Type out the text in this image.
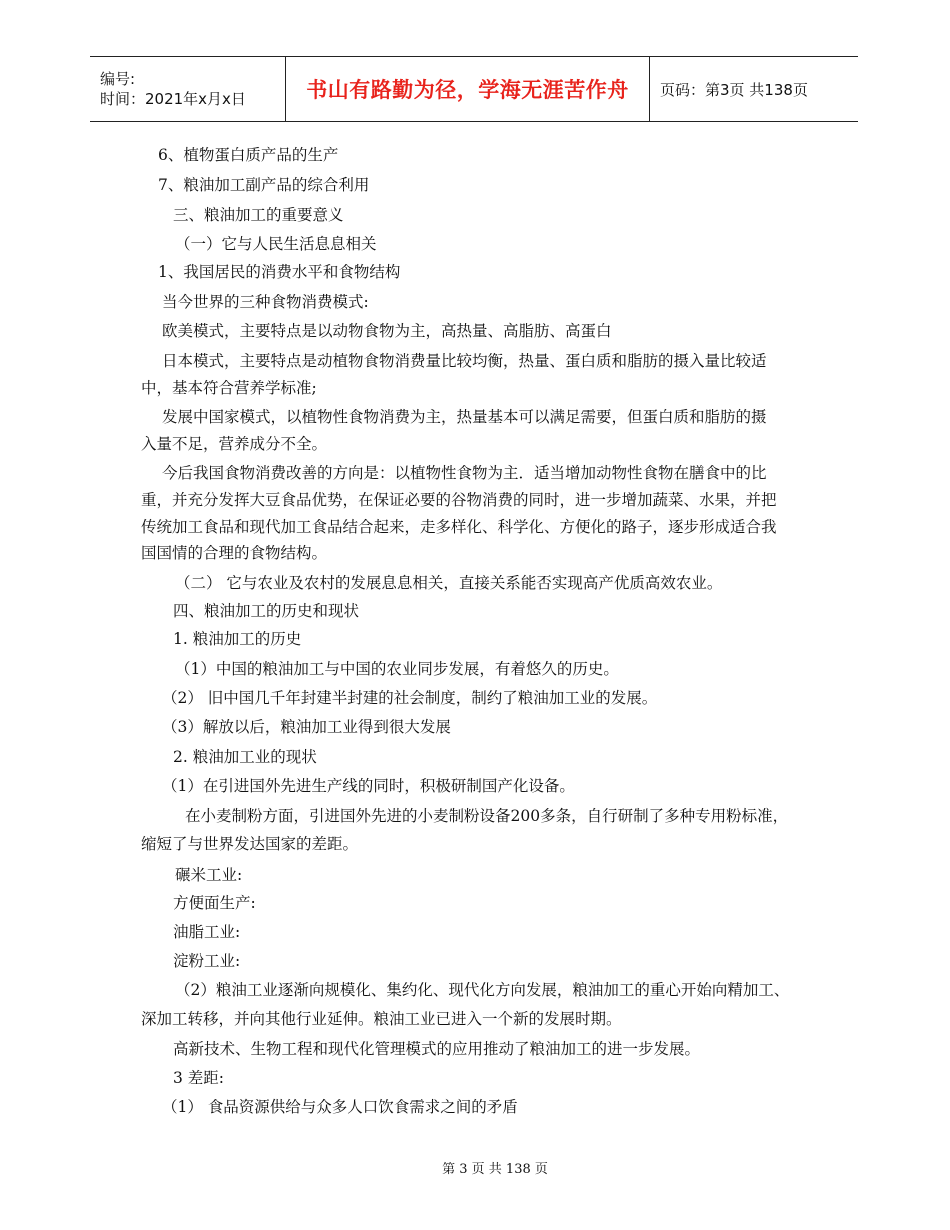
编号:
时间：2021年x月x日	书山有路勤为径，学海无涯苦作舟 页码：第3页 共138页
6、植物蛋白质产品的生产
7、粮油加工副产品的综合利用
三、粮油加工的重要意义
（一）它与人民生活息息相关
1、我国居民的消费水平和食物结构
当今世界的三种食物消费模式:
欧美模式，主要特点是以动物食物为主，高热量、高脂肪、高蛋白
日本模式，主要特点是动植物食物消费量比较均衡，热量、蛋白质和脂肪的摄入量比较适
中，基本符合营养学标准;
发展中国家模式，以植物性食物消费为主，热量基本可以满足需要，但蛋白质和脂肪的摄
入量不足，营养成分不全。
今后我国食物消费改善的方向是：以植物性食物为主．适当增加动物性食物在膳食中的比
重，并充分发挥大豆食品优势，在保证必要的谷物消费的同时，进一步增加蔬菜、水果，并把
传统加工食品和现代加工食品结合起来，走多样化、科学化、方便化的路子，逐步形成适合我
国国情的合理的食物结构。
（二） 它与农业及农村的发展息息相关，直接关系能否实现高产优质高效农业。
四、粮油加工的历史和现状
1. 粮油加工的历史
（1）中国的粮油加工与中国的农业同步发展，有着悠久的历史。
（2） 旧中国几千年封建半封建的社会制度，制约了粮油加工业的发展。
（3）解放以后，粮油加工业得到很大发展
2. 粮油加工业的现状
（1）在引进国外先进生产线的同时，积极研制国产化设备。
在小麦制粉方面，引进国外先进的小麦制粉设备200多条，自行研制了多种专用粉标准，
缩短了与世界发达国家的差距。
碾米工业:
方便面生产:
油脂工业:
淀粉工业:
（2）粮油工业逐渐向规模化、集约化、现代化方向发展，粮油加工的重心开始向精加工、
深加工转移，并向其他行业延伸。粮油工业已进入一个新的发展时期。
高新技术、生物工程和现代化管理模式的应用推动了粮油加工的进一步发展。
3 差距:
（1） 食品资源供给与众多人口饮食需求之间的矛盾
第 3 页 共 138 页
